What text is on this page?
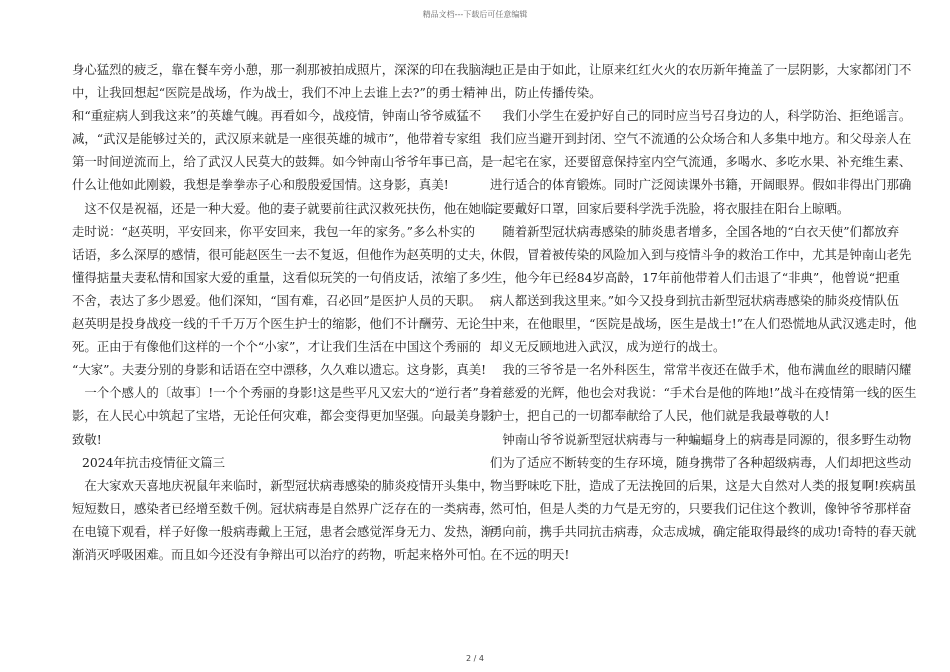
精品文档---下载后可任意编辑

身心猛烈的疲乏，靠在餐车旁小憩，那一刹那被拍成照片，深深的印在我脑海

中，让我回想起“医院是战场，作为战士，我们不冲上去谁上去?”的勇士精神

和“重症病人到我这来”的英雄气魄。再看如今，战疫情，钟南山爷爷威猛不

减，“武汉是能够过关的，武汉原来就是一座很英雄的城市”，他带着专家组

第一时间逆流而上，给了武汉人民莫大的鼓舞。如今钟南山爷爷年事已高，是

什么让他如此刚毅，我想是拳拳赤子心和殷殷爱国情。这身影，真美!

　这不仅是祝福，还是一种大爱。他的妻子就要前往武汉救死扶伤，他在她临

走时说：“赵英明，平安回来，你平安回来，我包一年的家务。”多么朴实的

话语，多么深厚的感情，很可能赵医生一去不复返，但他作为赵英明的丈夫，

懂得掂量夫妻私情和国家大爱的重量，这看似玩笑的一句俏皮话，浓缩了多少

不舍，表达了多少恩爱。他们深知，“国有难，召必回”是医护人员的天职。

赵英明是投身战疫一线的千千万万个医生护士的缩影，他们不计酬劳、无论生

死。正由于有像他们这样的一个个“小家”，才让我们生活在中国这个秀丽的

“大家”。夫妻分别的身影和话语在空中漂移，久久难以遗忘。这身影，真美!

　一个个感人的〔故事〕!一个个秀丽的身影!这是些平凡又宏大的“逆行者”身

影，在人民心中筑起了宝塔，无论任何灾难，都会变得更加坚强。向最美身影

致敬!

2024年抗击疫情征文篇三

　在大家欢天喜地庆祝鼠年来临时，新型冠状病毒感染的肺炎疫情开头集中，

短短数日，感染者已经增至数千例。冠状病毒是自然界广泛存在的一类病毒，

在电镜下观看，样子好像一般病毒戴上王冠，患者会感觉浑身无力、发热，渐

渐消灭呼吸困难。而且如今还没有争辩出可以治疗的药物，听起来格外可怕。

也正是由于如此，让原来红红火火的农历新年掩盖了一层阴影，大家都闭门不

出，防止传播传染。

　我们小学生在爱护好自己的同时应当号召身边的人，科学防治、拒绝谣言。

我们应当避开到封闭、空气不流通的公众场合和人多集中地方。和父母亲人在

一起宅在家，还要留意保持室内空气流通，多喝水、多吃水果、补充维生素、

进行适合的体育锻炼。同时广泛阅读课外书籍，开阔眼界。假如非得出门那确

定要戴好口罩，回家后要科学洗手洗脸，将衣服挂在阳台上晾晒。

　随着新型冠状病毒感染的肺炎患者增多，全国各地的“白衣天使”们都放弃

休假，冒着被传染的风险加入到与疫情斗争的救治工作中，尤其是钟南山老先

生，他今年已经84岁高龄，17年前他带着人们击退了“非典”，他曾说“把重

病人都送到我这里来。”如今又投身到抗击新型冠状病毒感染的肺炎疫情队伍

中来，在他眼里，“医院是战场，医生是战士!”在人们恐慌地从武汉逃走时，他

却义无反顾地进入武汉，成为逆行的战士。

　我的三爷爷是一名外科医生，常常半夜还在做手术，他布满血丝的眼睛闪耀

着慈爱的光辉，他也会对我说：“手术台是他的阵地!”战斗在疫情第一线的医生

护士，把自己的一切都奉献给了人民，他们就是我最尊敬的人!

　钟南山爷爷说新型冠状病毒与一种蝙蝠身上的病毒是同源的，很多野生动物

们为了适应不断转变的生存环境，随身携带了各种超级病毒，人们却把这些动

物当野味吃下肚，造成了无法挽回的后果，这是大自然对人类的报复啊!疾病虽

然可怕，但是人类的力气是无穷的，只要我们记住这个教训，像钟爷爷那样奋

勇向前，携手共同抗击病毒，众志成城，确定能取得最终的成功!奇特的春天就

在不远的明天!

2 / 4
